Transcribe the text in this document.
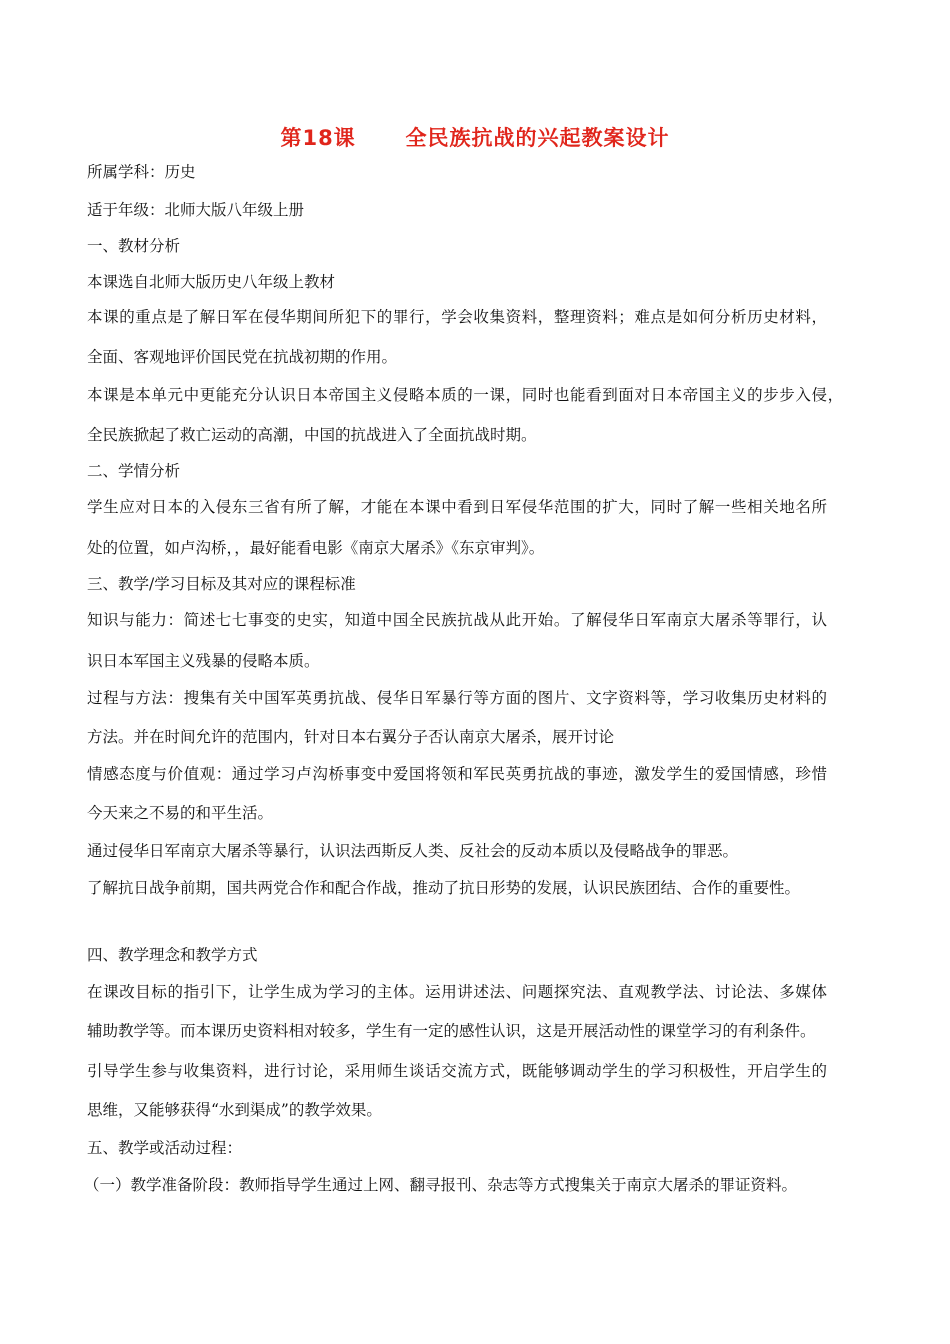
第18课      全民族抗战的兴起教案设计
所属学科：历史
适于年级：北师大版八年级上册
一、教材分析
本课选自北师大版历史八年级上教材
本课的重点是了解日军在侵华期间所犯下的罪行，学会收集资料，整理资料；难点是如何分析历史材料，
全面、客观地评价国民党在抗战初期的作用。
本课是本单元中更能充分认识日本帝国主义侵略本质的一课，同时也能看到面对日本帝国主义的步步入侵，
全民族掀起了救亡运动的高潮，中国的抗战进入了全面抗战时期。
二、学情分析
学生应对日本的入侵东三省有所了解，才能在本课中看到日军侵华范围的扩大，同时了解一些相关地名所
处的位置，如卢沟桥，，最好能看电影《南京大屠杀》《东京审判》。
三、教学/学习目标及其对应的课程标准
知识与能力：简述七七事变的史实，知道中国全民族抗战从此开始。了解侵华日军南京大屠杀等罪行，认
识日本军国主义残暴的侵略本质。
过程与方法：搜集有关中国军英勇抗战、侵华日军暴行等方面的图片、文字资料等，学习收集历史材料的
方法。并在时间允许的范围内，针对日本右翼分子否认南京大屠杀，展开讨论
情感态度与价值观：通过学习卢沟桥事变中爱国将领和军民英勇抗战的事迹，激发学生的爱国情感，珍惜
今天来之不易的和平生活。
通过侵华日军南京大屠杀等暴行，认识法西斯反人类、反社会的反动本质以及侵略战争的罪恶。
了解抗日战争前期，国共两党合作和配合作战，推动了抗日形势的发展，认识民族团结、合作的重要性。
四、教学理念和教学方式
在课改目标的指引下，让学生成为学习的主体。运用讲述法、问题探究法、直观教学法、讨论法、多媒体
辅助教学等。而本课历史资料相对较多，学生有一定的感性认识，这是开展活动性的课堂学习的有利条件。
引导学生参与收集资料，进行讨论，采用师生谈话交流方式，既能够调动学生的学习积极性，开启学生的
思维，又能够获得“水到渠成”的教学效果。
五、教学或活动过程：
（一）教学准备阶段：教师指导学生通过上网、翻寻报刊、杂志等方式搜集关于南京大屠杀的罪证资料。
